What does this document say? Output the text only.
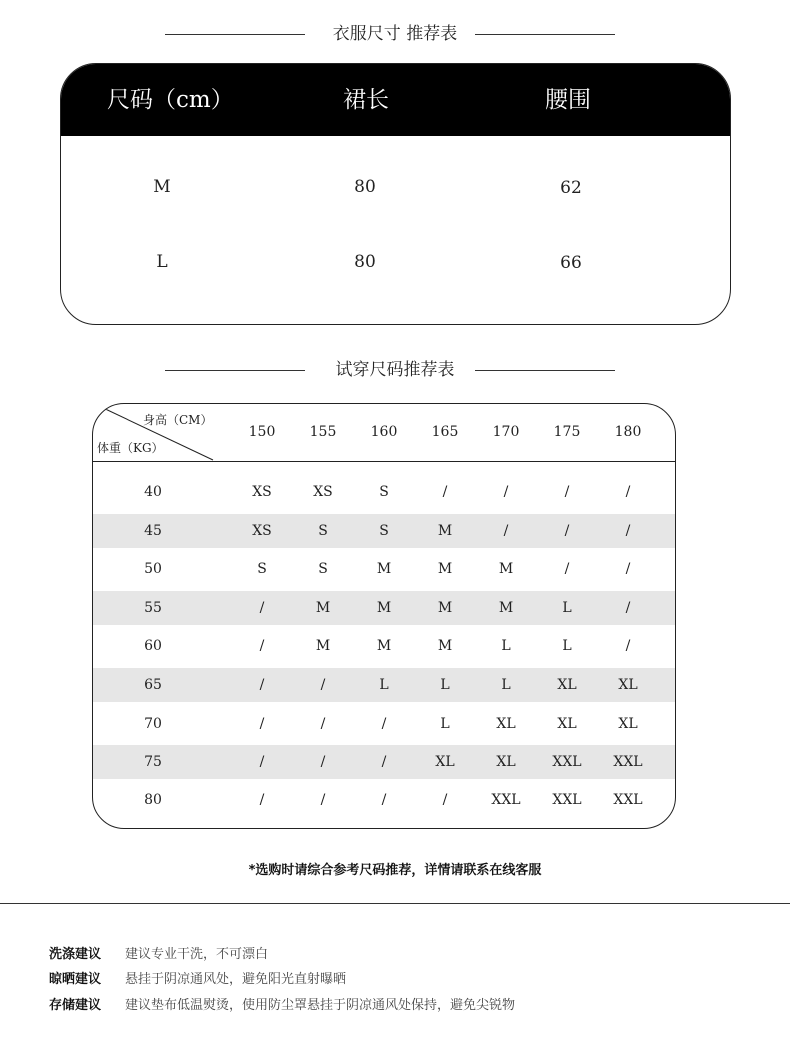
衣服尺寸 推荐表
尺码（cm）	裙长	腰围
M	80	62
L	80	66
试穿尺码推荐表
身高（CM）
体重（KG）
150	155	160	165	170	175	180
40	XS	XS	S	/	/	/	/
45	XS	S	S	M	/	/	/
50	S	S	M	M	M	/	/
55	/	M	M	M	M	L	/
60	/	M	M	M	L	L	/
65	/	/	L	L	L	XL	XL
70	/	/	/	L	XL	XL	XL
75	/	/	/	XL	XL	XXL	XXL
80	/	/	/	/	XXL	XXL	XXL
*选购时请综合参考尺码推荐，详情请联系在线客服
洗涤建议 建议专业干洗，不可漂白
晾晒建议 悬挂于阴凉通风处，避免阳光直射曝晒
存储建议 建议垫布低温熨烫，使用防尘罩悬挂于阴凉通风处保持，避免尖锐物
